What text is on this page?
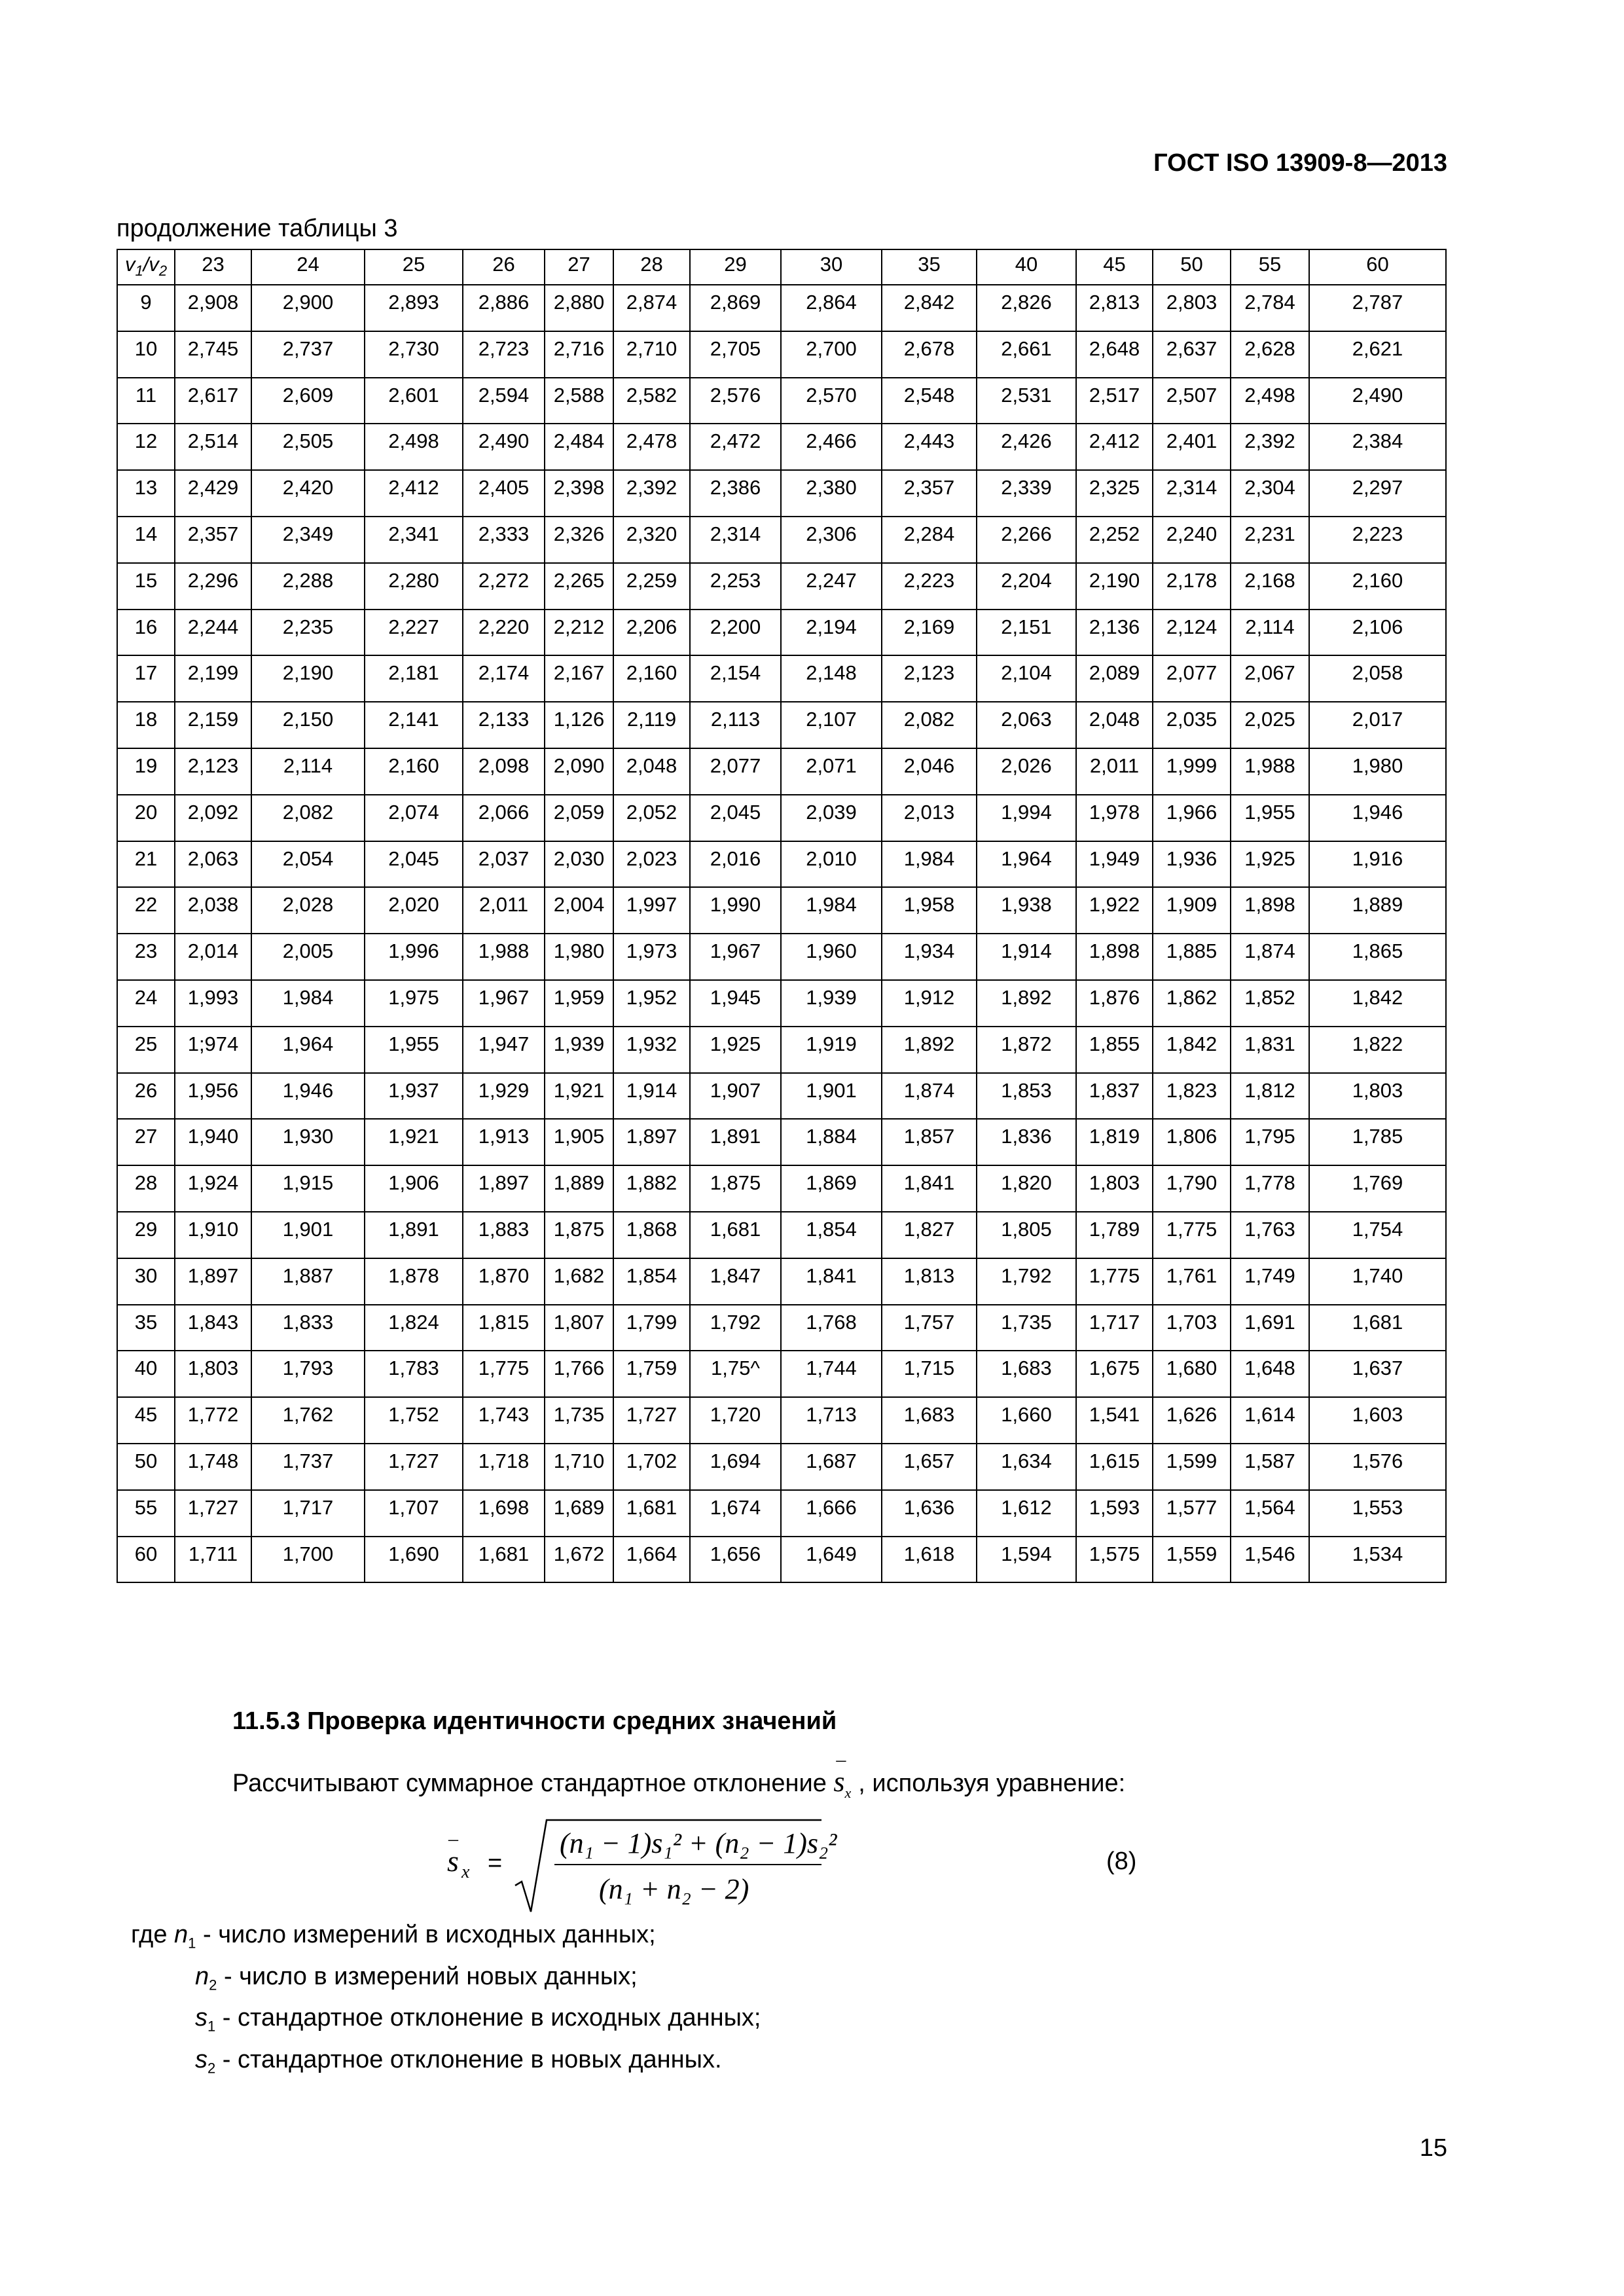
ГОСТ ISO 13909-8—2013
продолжение таблицы 3
$v_1/v_2$	23	24	25	26	27	28	29	30	35	40	45	50	55	60
9	2,908	2,900	2,893	2,886	2,880	2,874	2,869	2,864	2,842	2,826	2,813	2,803	2,784	2,787
10	2,745	2,737	2,730	2,723	2,716	2,710	2,705	2,700	2,678	2,661	2,648	2,637	2,628	2,621
11	2,617	2,609	2,601	2,594	2,588	2,582	2,576	2,570	2,548	2,531	2,517	2,507	2,498	2,490
12	2,514	2,505	2,498	2,490	2,484	2,478	2,472	2,466	2,443	2,426	2,412	2,401	2,392	2,384
13	2,429	2,420	2,412	2,405	2,398	2,392	2,386	2,380	2,357	2,339	2,325	2,314	2,304	2,297
14	2,357	2,349	2,341	2,333	2,326	2,320	2,314	2,306	2,284	2,266	2,252	2,240	2,231	2,223
15	2,296	2,288	2,280	2,272	2,265	2,259	2,253	2,247	2,223	2,204	2,190	2,178	2,168	2,160
16	2,244	2,235	2,227	2,220	2,212	2,206	2,200	2,194	2,169	2,151	2,136	2,124	2,114	2,106
17	2,199	2,190	2,181	2,174	2,167	2,160	2,154	2,148	2,123	2,104	2,089	2,077	2,067	2,058
18	2,159	2,150	2,141	2,133	1,126	2,119	2,113	2,107	2,082	2,063	2,048	2,035	2,025	2,017
19	2,123	2,114	2,160	2,098	2,090	2,048	2,077	2,071	2,046	2,026	2,011	1,999	1,988	1,980
20	2,092	2,082	2,074	2,066	2,059	2,052	2,045	2,039	2,013	1,994	1,978	1,966	1,955	1,946
21	2,063	2,054	2,045	2,037	2,030	2,023	2,016	2,010	1,984	1,964	1,949	1,936	1,925	1,916
22	2,038	2,028	2,020	2,011	2,004	1,997	1,990	1,984	1,958	1,938	1,922	1,909	1,898	1,889
23	2,014	2,005	1,996	1,988	1,980	1,973	1,967	1,960	1,934	1,914	1,898	1,885	1,874	1,865
24	1,993	1,984	1,975	1,967	1,959	1,952	1,945	1,939	1,912	1,892	1,876	1,862	1,852	1,842
25	1;974	1,964	1,955	1,947	1,939	1,932	1,925	1,919	1,892	1,872	1,855	1,842	1,831	1,822
26	1,956	1,946	1,937	1,929	1,921	1,914	1,907	1,901	1,874	1,853	1,837	1,823	1,812	1,803
27	1,940	1,930	1,921	1,913	1,905	1,897	1,891	1,884	1,857	1,836	1,819	1,806	1,795	1,785
28	1,924	1,915	1,906	1,897	1,889	1,882	1,875	1,869	1,841	1,820	1,803	1,790	1,778	1,769
29	1,910	1,901	1,891	1,883	1,875	1,868	1,681	1,854	1,827	1,805	1,789	1,775	1,763	1,754
30	1,897	1,887	1,878	1,870	1,682	1,854	1,847	1,841	1,813	1,792	1,775	1,761	1,749	1,740
35	1,843	1,833	1,824	1,815	1,807	1,799	1,792	1,768	1,757	1,735	1,717	1,703	1,691	1,681
40	1,803	1,793	1,783	1,775	1,766	1,759	1,75^	1,744	1,715	1,683	1,675	1,680	1,648	1,637
45	1,772	1,762	1,752	1,743	1,735	1,727	1,720	1,713	1,683	1,660	1,541	1,626	1,614	1,603
50	1,748	1,737	1,727	1,718	1,710	1,702	1,694	1,687	1,657	1,634	1,615	1,599	1,587	1,576
55	1,727	1,717	1,707	1,698	1,689	1,681	1,674	1,666	1,636	1,612	1,593	1,577	1,564	1,553
60	1,711	1,700	1,690	1,681	1,672	1,664	1,656	1,649	1,618	1,594	1,575	1,559	1,546	1,534
11.5.3 Проверка идентичности средних значений
Рассчитывают суммарное стандартное отклонение
–
$s_x$ , используя уравнение:
–
s x =
(n₁ − 1)s₁² + (n₂ − 1)s₂²
(n₁ + n₂ − 2)
(8)
где $n_1$ - число измерений в исходных данных;
$n_2$ - число в измерений новых данных;
$s_1$ - стандартное отклонение в исходных данных;
$s_2$ - стандартное отклонение в новых данных.
15
